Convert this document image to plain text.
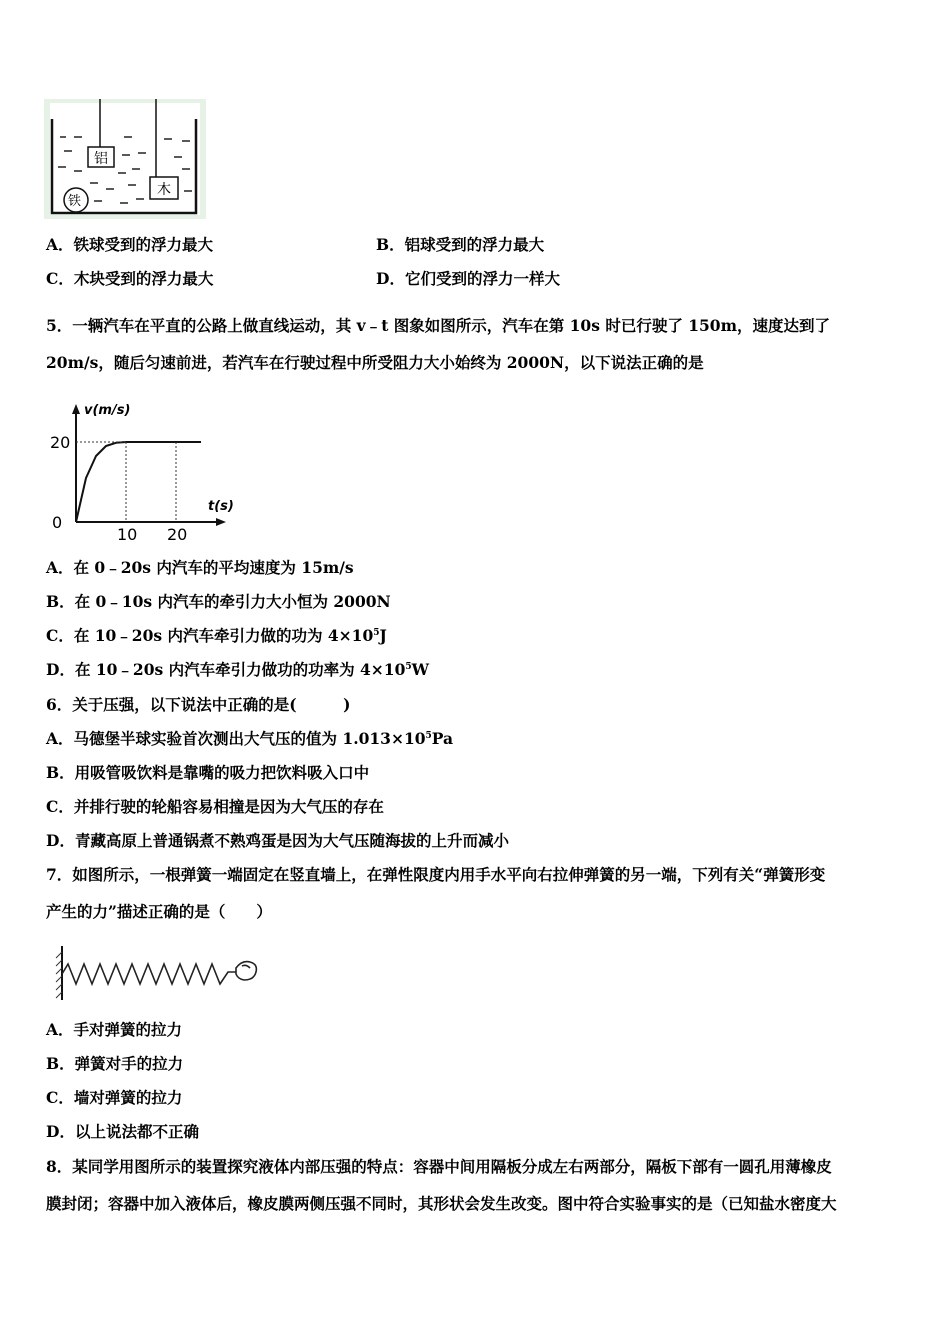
铝
木
铁
A．铁球受到的浮力最大	B．铝球受到的浮力最大
C．木块受到的浮力最大	D．它们受到的浮力一样大
5．一辆汽车在平直的公路上做直线运动，其 v﹣t 图象如图所示，汽车在第 10s 时已行驶了 150m，速度达到了
20m/s，随后匀速前进，若汽车在行驶过程中所受阻力大小始终为 2000N，以下说法正确的是
v(m/s)
t(s)
0
10 20
20
A．在 0﹣20s 内汽车的平均速度为 15m/s
B．在 0﹣10s 内汽车的牵引力大小恒为 2000N
C．在 10﹣20s 内汽车牵引力做的功为 $4\times 10^5J$
D．在 10﹣20s 内汽车牵引力做功的功率为 $4\times 10^5W$
6．关于压强，以下说法中正确的是(　　　)
A．马德堡半球实验首次测出大气压的值为 $1.013\times 10^5Pa$
B．用吸管吸饮料是靠嘴的吸力把饮料吸入口中
C．并排行驶的轮船容易相撞是因为大气压的存在
D．青藏高原上普通锅煮不熟鸡蛋是因为大气压随海拔的上升而减小
7．如图所示，一根弹簧一端固定在竖直墙上，在弹性限度内用手水平向右拉伸弹簧的另一端，下列有关“弹簧形变
产生的力”描述正确的是（　　）
A．手对弹簧的拉力
B．弹簧对手的拉力
C．墙对弹簧的拉力
D．以上说法都不正确
8．某同学用图所示的装置探究液体内部压强的特点：容器中间用隔板分成左右两部分，隔板下部有一圆孔用薄橡皮
膜封闭；容器中加入液体后，橡皮膜两侧压强不同时，其形状会发生改变。图中符合实验事实的是（已知盐水密度大
